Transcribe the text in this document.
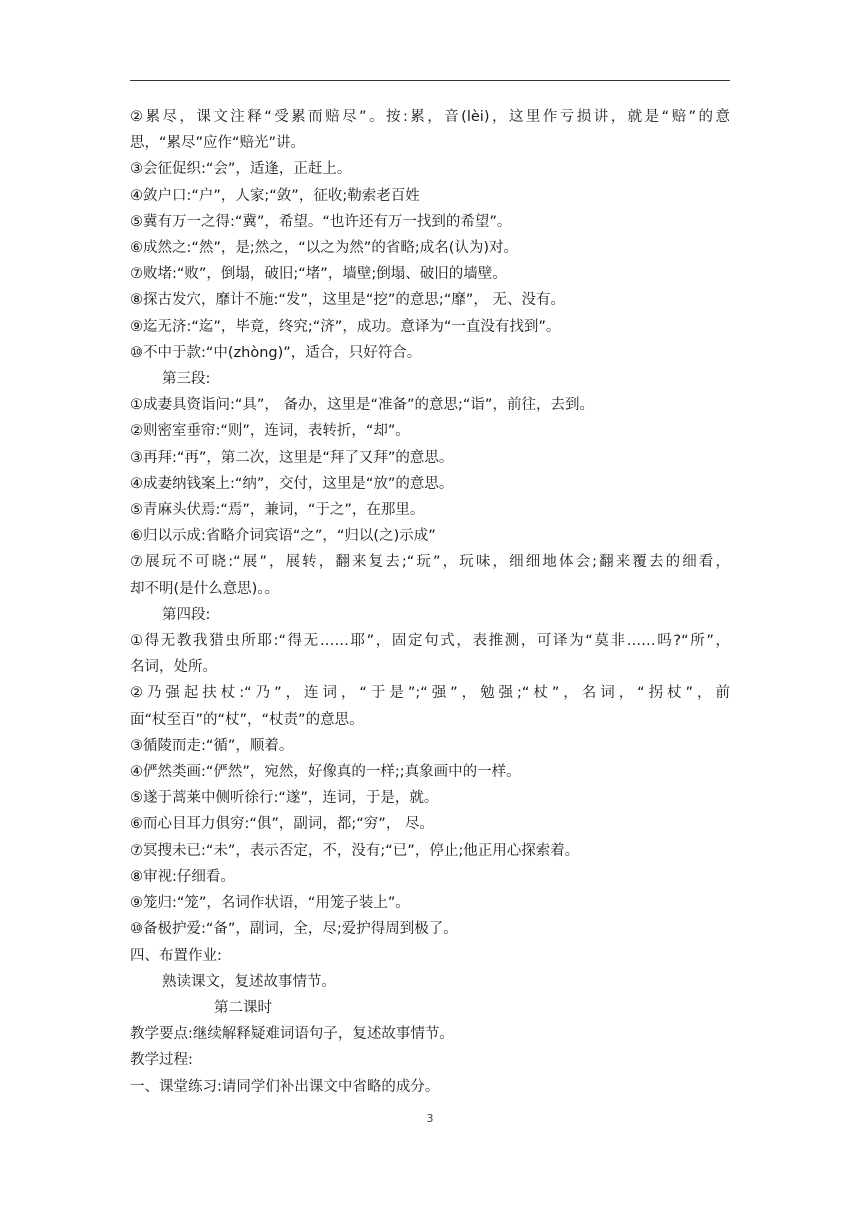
②累尽，课文注释“受累而赔尽”。按:累，音(lèi)，这里作亏损讲，就是“赔”的意
思，“累尽”应作“赔光”讲。
③会征促织:“会”，适逢，正赶上。
④敛户口:“户”，人家;“敛”，征收;勒索老百姓
⑤冀有万一之得:“冀”，希望。“也许还有万一找到的希望”。
⑥成然之:“然”，是;然之，“以之为然”的省略;成名(认为)对。
⑦败堵:“败”，倒塌，破旧;“堵”，墙壁;倒塌、破旧的墙壁。
⑧探古发穴，靡计不施:“发”，这里是“挖”的意思;“靡”， 无、没有。
⑨迄无济:“迄”，毕竟，终究;“济”，成功。意译为“一直没有找到”。
⑩不中于款:“中(zhòng)”，适合，只好符合。
第三段:
①成妻具资诣问:“具”， 备办，这里是“准备”的意思;“诣”，前往，去到。
②则密室垂帘:“则”，连词，表转折，“却”。
③再拜:“再”，第二次，这里是“拜了又拜”的意思。
④成妻纳钱案上:“纳”，交付，这里是“放”的意思。
⑤青麻头伏焉:“焉”，兼词，“于之”，在那里。
⑥归以示成:省略介词宾语“之”，“归以(之)示成”
⑦展玩不可晓:“展”，展转，翻来复去;“玩”，玩味，细细地体会;翻来覆去的细看，
却不明(是什么意思)。。
第四段:
①得无教我猎虫所耶:“得无……耶”，固定句式，表推测，可译为“莫非……吗?“所”，
名词，处所。
②乃强起扶杖:“乃”，连词，“于是”;“强”，勉强;“杖”，名词，“拐杖”，前
面“杖至百”的“杖”，“杖责”的意思。
③循陵而走:“循”，顺着。
④俨然类画:“俨然”，宛然，好像真的一样;;真象画中的一样。
⑤遂于蒿莱中侧听徐行:“遂”，连词，于是，就。
⑥而心目耳力俱穷:“俱”，副词，都;“穷”， 尽。
⑦冥搜未已:“未”，表示否定，不，没有;“已”，停止;他正用心探索着。
⑧审视:仔细看。
⑨笼归:“笼”，名词作状语，“用笼子装上”。
⑩备极护爱:“备”，副词，全，尽;爱护得周到极了。
四、布置作业:
熟读课文，复述故事情节。
第二课时
教学要点:继续解释疑难词语句子，复述故事情节。
教学过程:
一、课堂练习:请同学们补出课文中省略的成分。
3
